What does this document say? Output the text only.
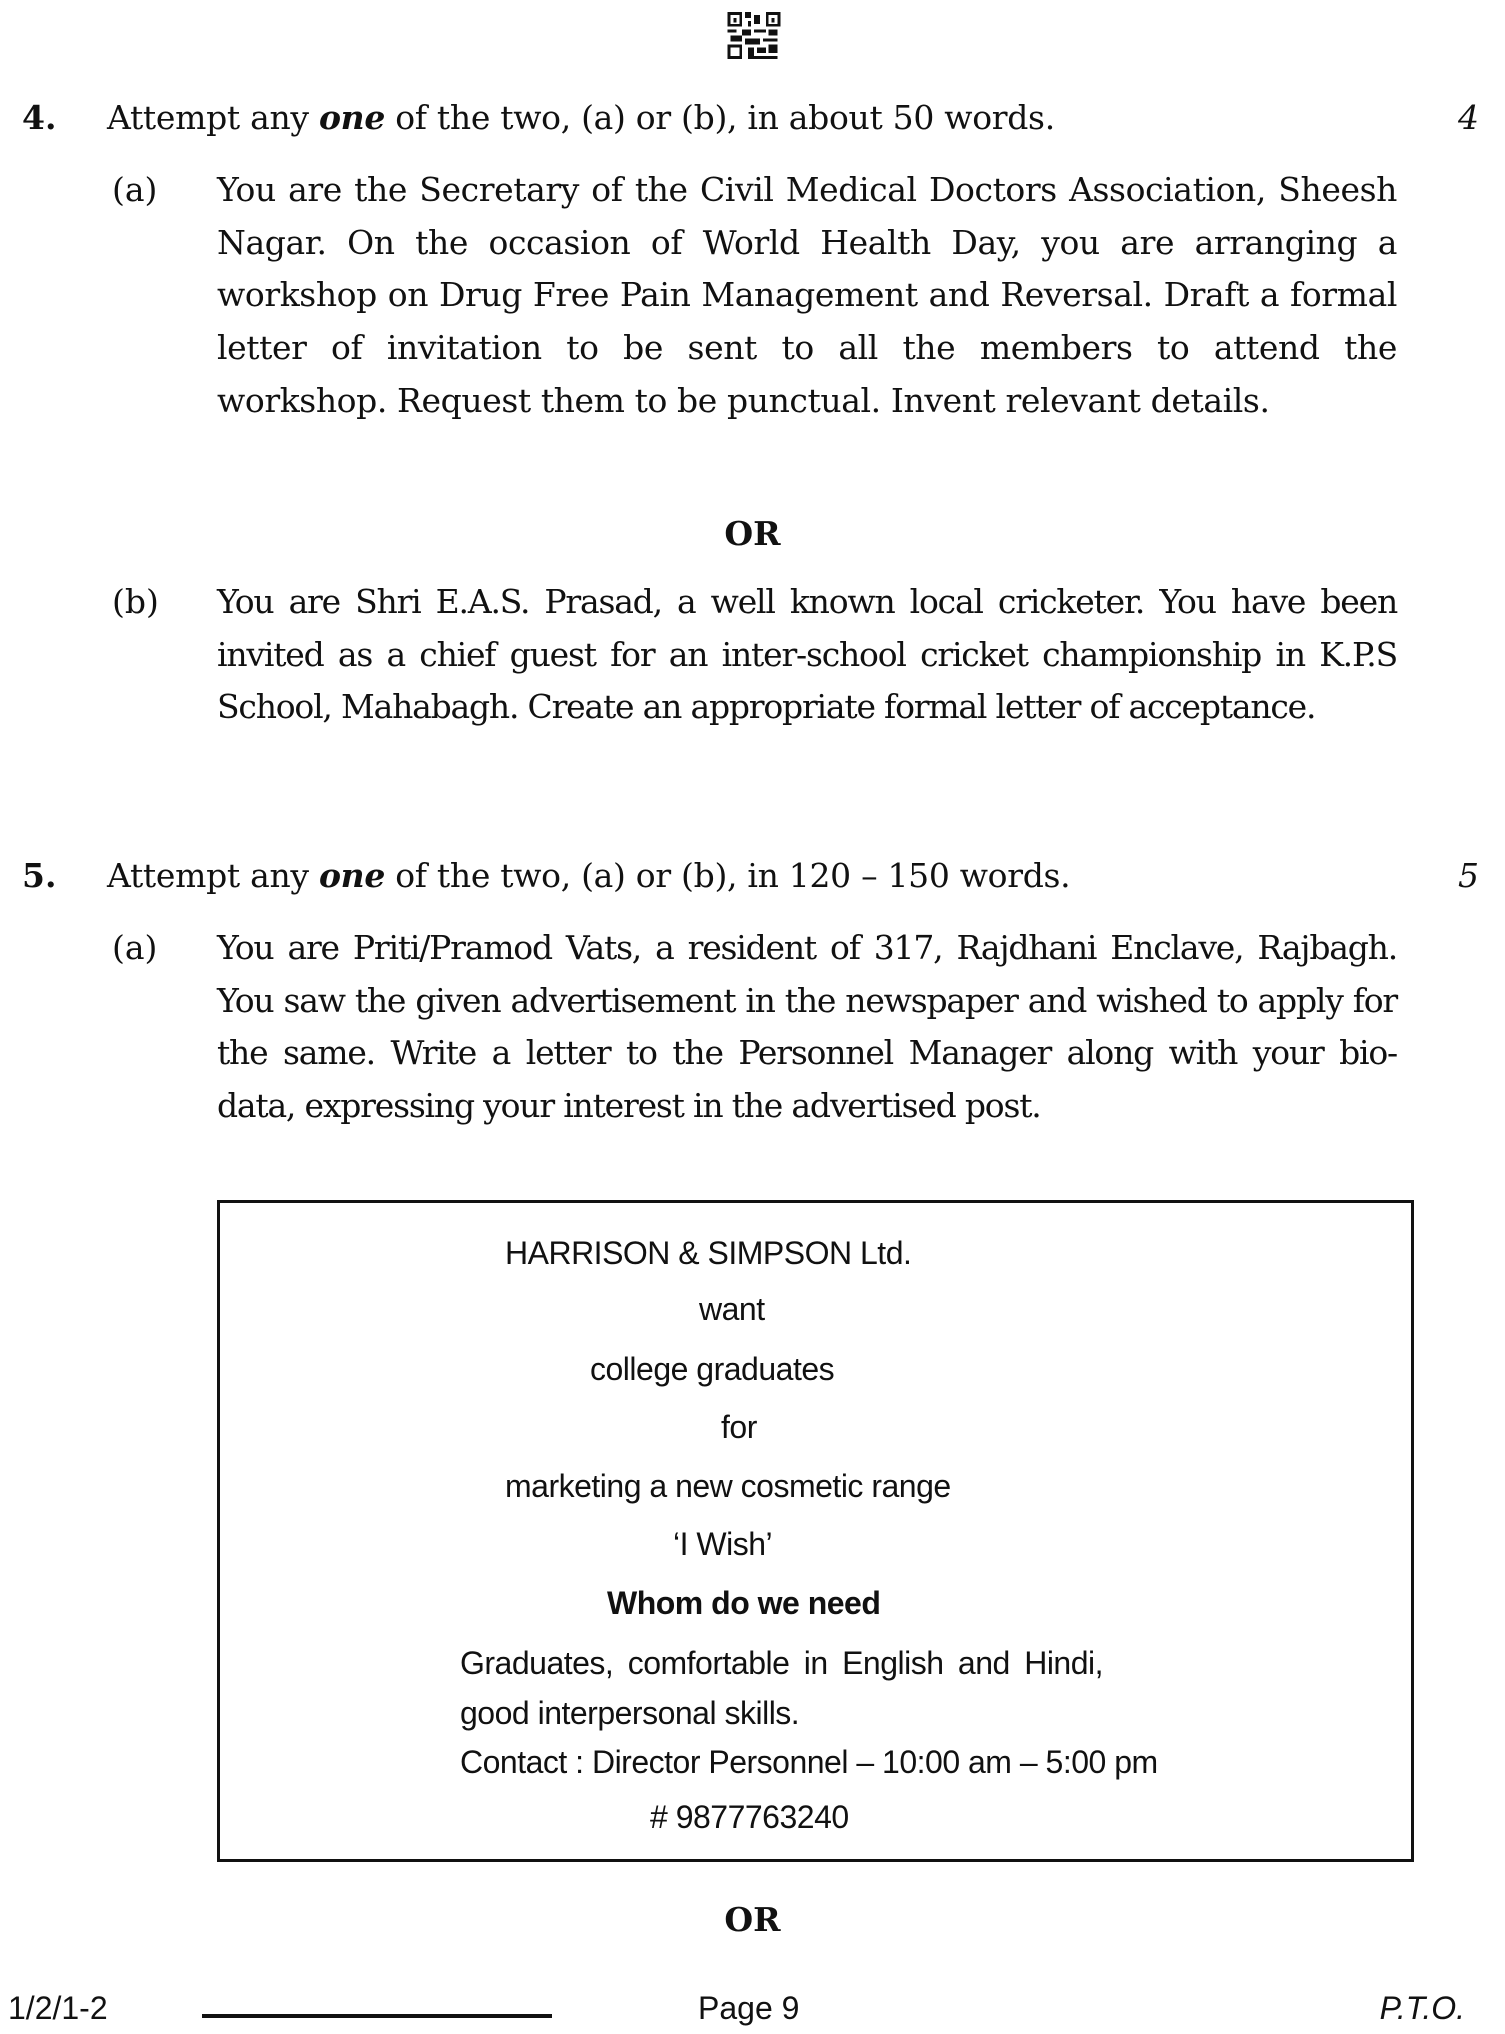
4. Attempt any one of the two, (a) or (b), in about 50 words.	4
(a) You are the Secretary of the Civil Medical Doctors Association, Sheesh Nagar. On the occasion of World Health Day, you are arranging a workshop on Drug Free Pain Management and Reversal. Draft a formal letter of invitation to be sent to all the members to attend the workshop. Request them to be punctual. Invent relevant details.
OR
(b) You are Shri E.A.S. Prasad, a well known local cricketer. You have been invited as a chief guest for an inter-school cricket championship in K.P.S School, Mahabagh. Create an appropriate formal letter of acceptance.
5. Attempt any one of the two, (a) or (b), in 120 – 150 words.	5
(a) You are Priti/Pramod Vats, a resident of 317, Rajdhani Enclave, Rajbagh. You saw the given advertisement in the newspaper and wished to apply for the same. Write a letter to the Personnel Manager along with your bio-data, expressing your interest in the advertised post.
HARRISON & SIMPSON Ltd.
want
college graduates
for
marketing a new cosmetic range
‘I Wish’
Whom do we need
Graduates, comfortable in English and Hindi,
good interpersonal skills.
Contact : Director Personnel – 10:00 am – 5:00 pm
# 9877763240
OR
1/2/1-2	Page 9	P.T.O.
